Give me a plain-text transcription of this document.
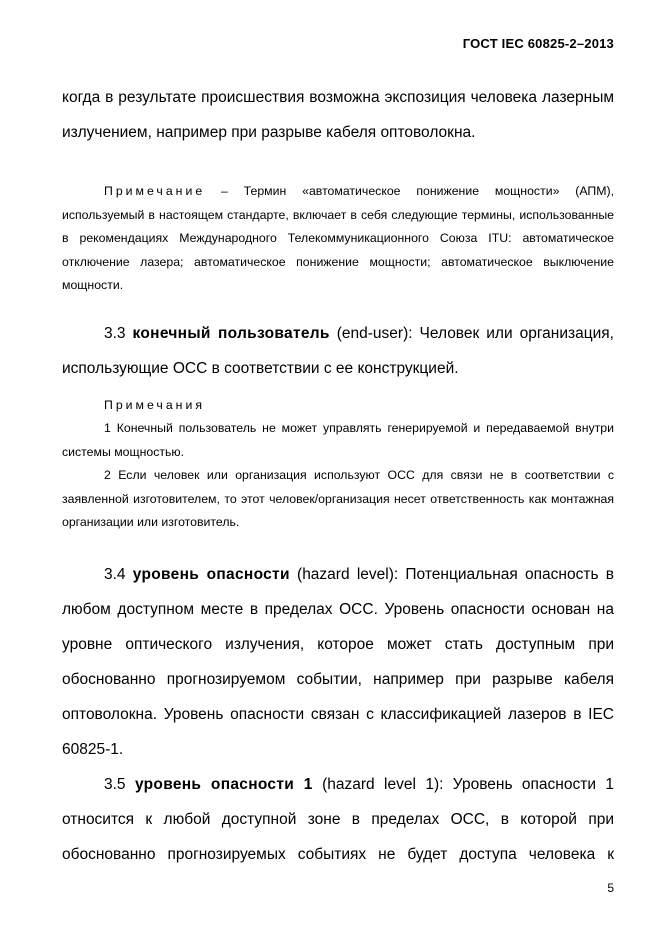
ГОСТ IEC 60825-2–2013

когда в результате происшествия возможна экспозиция человека лазерным излучением, например при разрыве кабеля оптоволокна.

Примечание – Термин «автоматическое понижение мощности» (АПМ), используемый в настоящем стандарте, включает в себя следующие термины, использованные в рекомендациях Международного Телекоммуникационного Союза ITU: автоматическое отключение лазера; автоматическое понижение мощности; автоматическое выключение мощности.

3.3 конечный пользователь (end-user): Человек или организация, использующие ОСС в соответствии с ее конструкцией.

Примечания

1 Конечный пользователь не может управлять генерируемой и передаваемой внутри системы мощностью.

2 Если человек или организация используют ОСС для связи не в соответствии с заявленной изготовителем, то этот человек/организация несет ответственность как монтажная организации или изготовитель.

3.4 уровень опасности (hazard level): Потенциальная опасность в любом доступном месте в пределах ОСС. Уровень опасности основан на уровне оптического излучения, которое может стать доступным при обоснованно прогнозируемом событии, например при разрыве кабеля оптоволокна. Уровень опасности связан с классификацией лазеров в IEC 60825-1.

3.5 уровень опасности 1 (hazard level 1): Уровень опасности 1 относится к любой доступной зоне в пределах ОСС, в которой при обоснованно прогнозируемых событиях не будет доступа человека к

5
